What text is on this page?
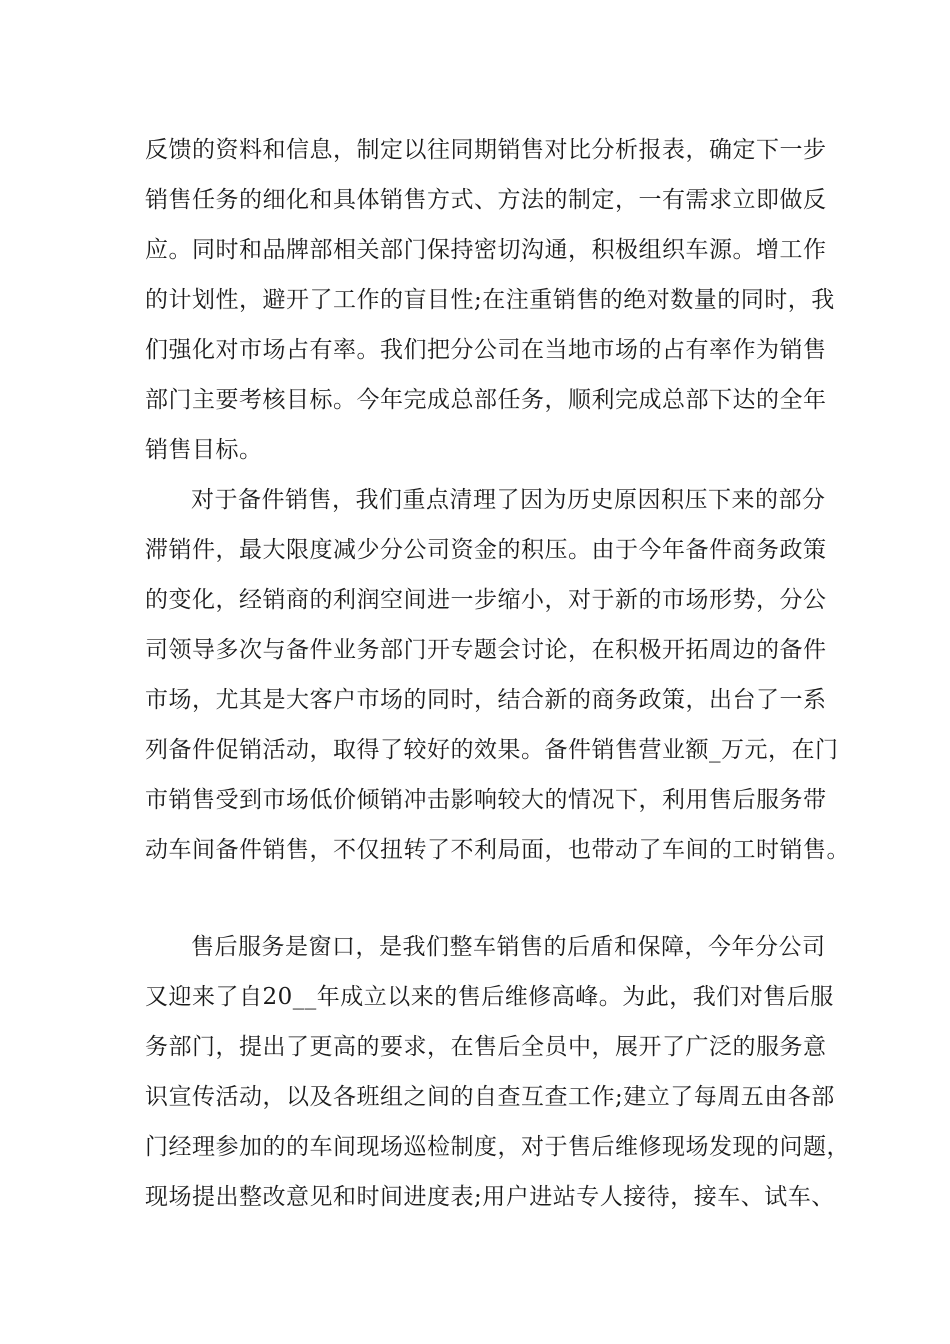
反馈的资料和信息，制定以往同期销售对比分析报表，确定下一步
销售任务的细化和具体销售方式、方法的制定，一有需求立即做反
应。同时和品牌部相关部门保持密切沟通，积极组织车源。增工作
的计划性，避开了工作的盲目性;在注重销售的绝对数量的同时，我
们强化对市场占有率。我们把分公司在当地市场的占有率作为销售
部门主要考核目标。今年完成总部任务，顺利完成总部下达的全年
销售目标。
对于备件销售，我们重点清理了因为历史原因积压下来的部分
滞销件，最大限度减少分公司资金的积压。由于今年备件商务政策
的变化，经销商的利润空间进一步缩小，对于新的市场形势，分公
司领导多次与备件业务部门开专题会讨论，在积极开拓周边的备件
市场，尤其是大客户市场的同时，结合新的商务政策，出台了一系
列备件促销活动，取得了较好的效果。备件销售营业额_万元，在门
市销售受到市场低价倾销冲击影响较大的情况下，利用售后服务带
动车间备件销售，不仅扭转了不利局面，也带动了车间的工时销售。
售后服务是窗口，是我们整车销售的后盾和保障，今年分公司
又迎来了自20__年成立以来的售后维修高峰。为此，我们对售后服
务部门，提出了更高的要求，在售后全员中，展开了广泛的服务意
识宣传活动，以及各班组之间的自查互查工作;建立了每周五由各部
门经理参加的的车间现场巡检制度，对于售后维修现场发现的问题，
现场提出整改意见和时间进度表;用户进站专人接待，接车、试车、
